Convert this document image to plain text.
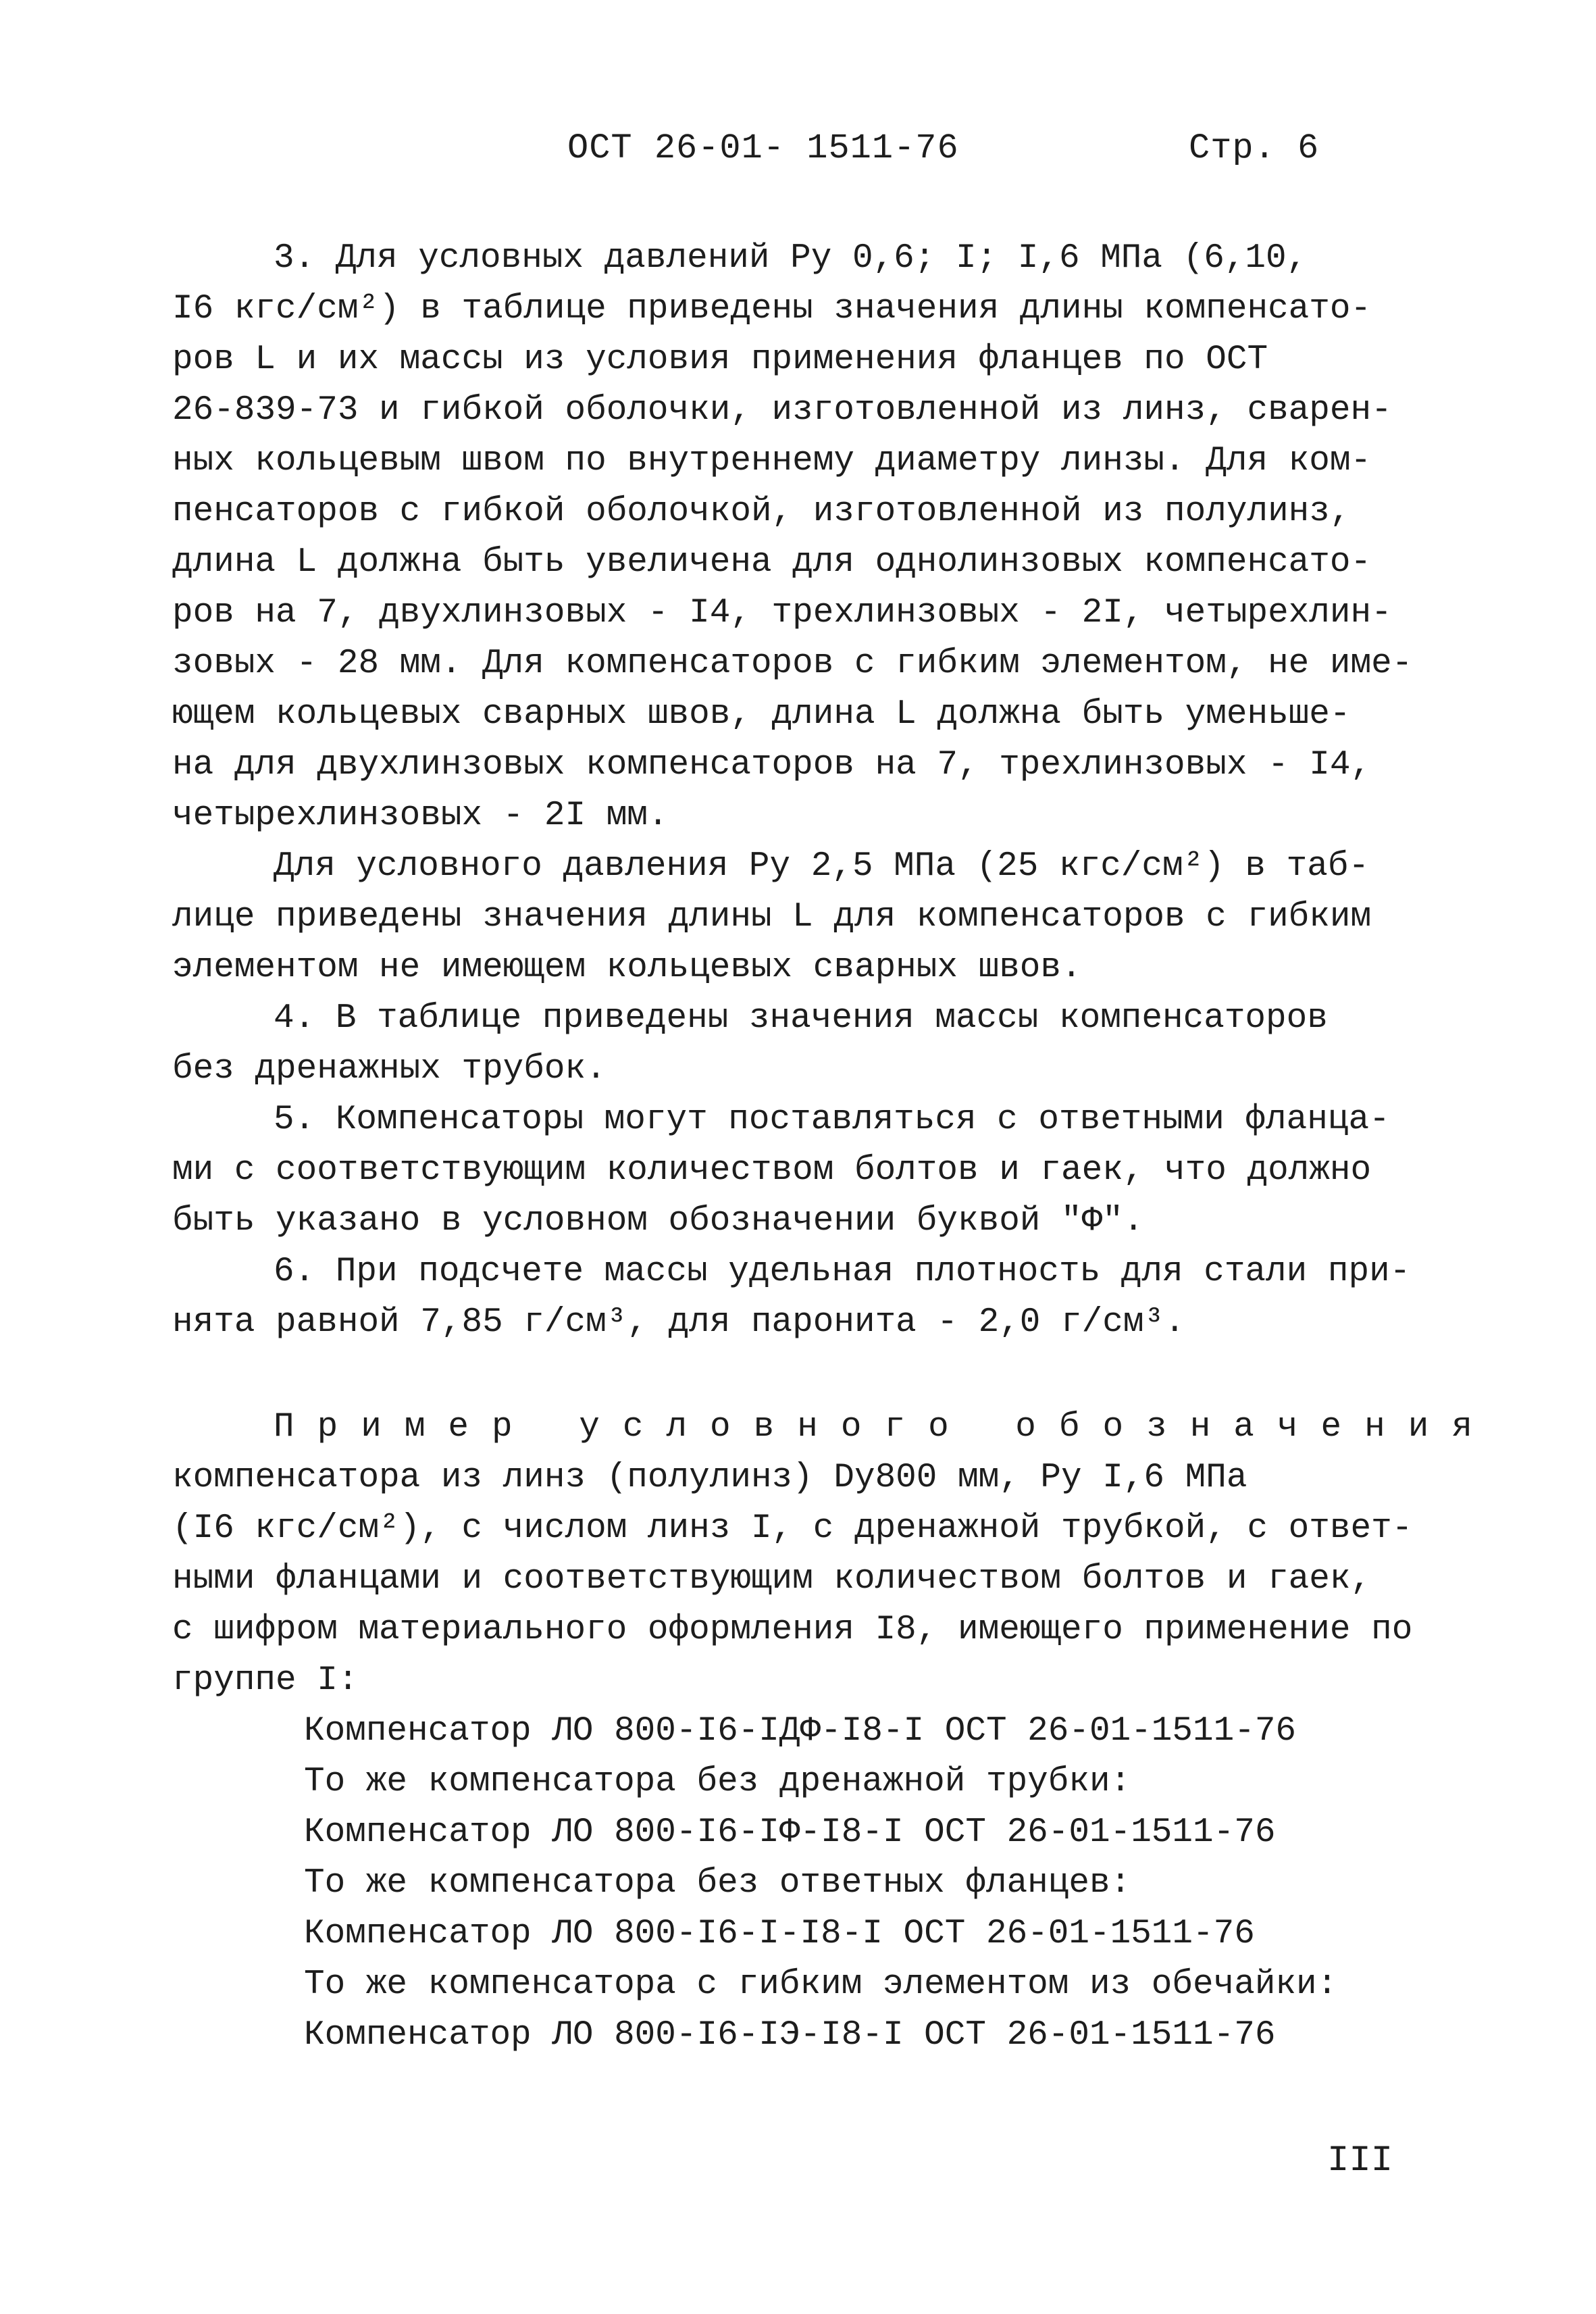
ОСТ 26-01- 1511-76	Стр. 6
3. Для условных давлений Pу 0,6; I; I,6 МПа (6,10,
I6 кгс/см²) в таблице приведены значения длины компенсато-
ров L и их массы из условия применения фланцев по ОСТ
26-839-73 и гибкой оболочки, изготовленной из линз, сварен-
ных кольцевым швом по внутреннему диаметру линзы. Для ком-
пенсаторов с гибкой оболочкой, изготовленной из полулинз,
длина L должна быть увеличена для однолинзовых компенсато-
ров на 7, двухлинзовых - I4, трехлинзовых - 2I, четырехлин-
зовых - 28 мм. Для компенсаторов с гибким элементом, не име-
ющем кольцевых сварных швов, длина L должна быть уменьше-
на для двухлинзовых компенсаторов на 7, трехлинзовых - I4,
четырехлинзовых - 2I мм.
Для условного давления Pу 2,5 МПа (25 кгс/см²) в таб-
лице приведены значения длины L для компенсаторов с гибким
элементом не имеющем кольцевых сварных швов.
4. В таблице приведены значения массы компенсаторов
без дренажных трубок.
5. Компенсаторы могут поставляться с ответными фланца-
ми с соответствующим количеством болтов и гаек, что должно
быть указано в условном обозначении буквой "Ф".
6. При подсчете массы удельная плотность для стали при-
нята равной 7,85 г/см³, для паронита - 2,0 г/см³.
Пример условного обозначения
компенсатора из линз (полулинз) Dу800 мм, Pу I,6 МПа
(I6 кгс/см²), с числом линз I, с дренажной трубкой, с ответ-
ными фланцами и соответствующим количеством болтов и гаек,
с шифром материального оформления I8, имеющего применение по
группе I:
Компенсатор ЛО 800-I6-IДФ-I8-I ОСТ 26-01-1511-76
То же компенсатора без дренажной трубки:
Компенсатор ЛО 800-I6-IФ-I8-I ОСТ 26-01-1511-76
То же компенсатора без ответных фланцев:
Компенсатор ЛО 800-I6-I-I8-I ОСТ 26-01-1511-76
То же компенсатора с гибким элементом из обечайки:
Компенсатор ЛО 800-I6-IЭ-I8-I ОСТ 26-01-1511-76
III
